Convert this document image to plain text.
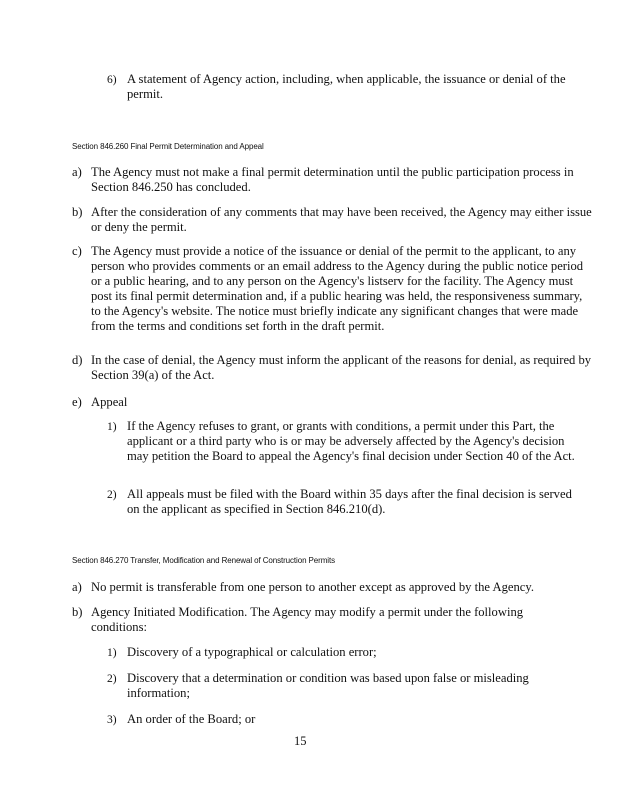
6) A statement of Agency action, including, when applicable, the issuance or denial of the permit.

Section 846.260 Final Permit Determination and Appeal
a) The Agency must not make a final permit determination until the public participation process in Section 846.250 has concluded.

b) After the consideration of any comments that may have been received, the Agency may either issue or deny the permit.

c) The Agency must provide a notice of the issuance or denial of the permit to the applicant, to any person who provides comments or an email address to the Agency during the public notice period or a public hearing, and to any person on the Agency's listserv for the facility. The Agency must post its final permit determination and, if a public hearing was held, the responsiveness summary, to the Agency's website. The notice must briefly indicate any significant changes that were made from the terms and conditions set forth in the draft permit.

d) In the case of denial, the Agency must inform the applicant of the reasons for denial, as required by Section 39(a) of the Act.

e) Appeal

1) If the Agency refuses to grant, or grants with conditions, a permit under this Part, the applicant or a third party who is or may be adversely affected by the Agency's decision may petition the Board to appeal the Agency's final decision under Section 40 of the Act.

2) All appeals must be filed with the Board within 35 days after the final decision is served on the applicant as specified in Section 846.210(d).

Section 846.270 Transfer, Modification and Renewal of Construction Permits
a) No permit is transferable from one person to another except as approved by the Agency.

b) Agency Initiated Modification. The Agency may modify a permit under the following conditions:

1) Discovery of a typographical or calculation error;

2) Discovery that a determination or condition was based upon false or misleading information;

3) An order of the Board; or

15
